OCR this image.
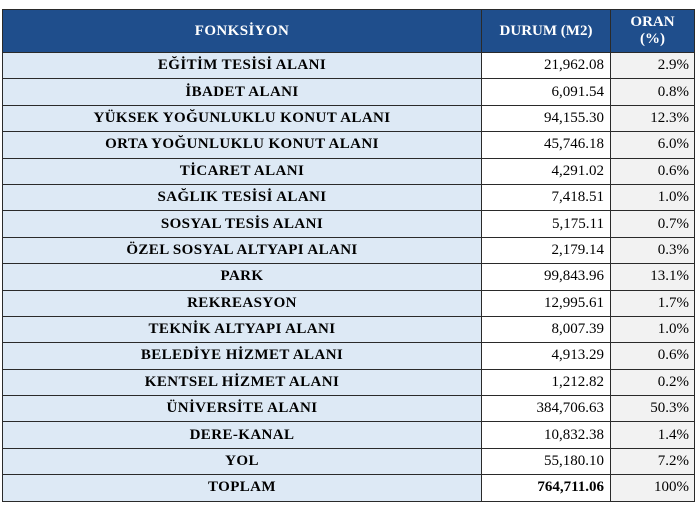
FONKSİYON	DURUM (M2)	ORAN
(%)
EĞİTİM TESİSİ ALANI	21,962.08	2.9%
İBADET ALANI	6,091.54	0.8%
YÜKSEK YOĞUNLUKLU KONUT ALANI	94,155.30	12.3%
ORTA YOĞUNLUKLU KONUT ALANI	45,746.18	6.0%
TİCARET ALANI	4,291.02	0.6%
SAĞLIK TESİSİ ALANI	7,418.51	1.0%
SOSYAL TESİS ALANI	5,175.11	0.7%
ÖZEL SOSYAL ALTYAPI ALANI	2,179.14	0.3%
PARK	99,843.96	13.1%
REKREASYON	12,995.61	1.7%
TEKNİK ALTYAPI ALANI	8,007.39	1.0%
BELEDİYE HİZMET ALANI	4,913.29	0.6%
KENTSEL HİZMET ALANI	1,212.82	0.2%
ÜNİVERSİTE ALANI	384,706.63	50.3%
DERE-KANAL	10,832.38	1.4%
YOL	55,180.10	7.2%
TOPLAM	764,711.06	100%
